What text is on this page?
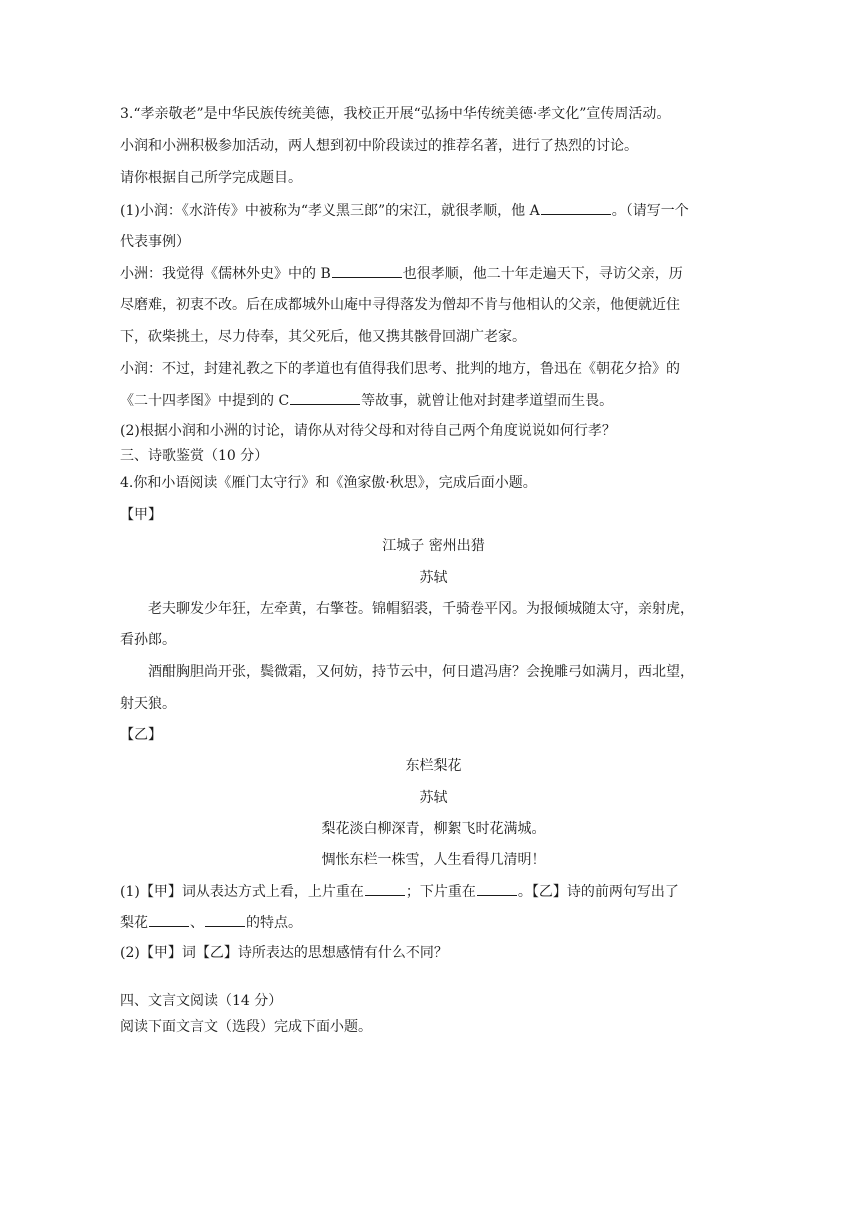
3.“孝亲敬老”是中华民族传统美德，我校正开展“弘扬中华传统美德·孝文化”宣传周活动。
小润和小洲积极参加活动，两人想到初中阶段读过的推荐名著，进行了热烈的讨论。
请你根据自己所学完成题目。
(1)小润：《水浒传》中被称为“孝义黑三郎”的宋江，就很孝顺，他 A	。（请写一个
代表事例）
小洲：我觉得《儒林外史》中的 B	也很孝顺，他二十年走遍天下，寻访父亲，历
尽磨难，初衷不改。后在成都城外山庵中寻得落发为僧却不肯与他相认的父亲，他便就近住
下，砍柴挑土，尽力侍奉，其父死后，他又携其骸骨回湖广老家。
小润：不过，封建礼教之下的孝道也有值得我们思考、批判的地方，鲁迅在《朝花夕拾》的
《二十四孝图》中提到的 C	等故事，就曾让他对封建孝道望而生畏。
(2)根据小润和小洲的讨论，请你从对待父母和对待自己两个角度说说如何行孝？
三、诗歌鉴赏（10 分）
4.你和小语阅读《雁门太守行》和《渔家傲·秋思》，完成后面小题。
【甲】
江城子 密州出猎
苏轼
老夫聊发少年狂，左牵黄，右擎苍。锦帽貂裘，千骑卷平冈。为报倾城随太守，亲射虎，
看孙郎。
酒酣胸胆尚开张，鬓微霜，又何妨，持节云中，何日遣冯唐？会挽雕弓如满月，西北望，
射天狼。
【乙】
东栏梨花
苏轼
梨花淡白柳深青，柳絮飞时花满城。
惆怅东栏一株雪，人生看得几清明！
(1)【甲】词从表达方式上看，上片重在	；下片重在	。【乙】诗的前两句写出了
梨花	、	的特点。
(2)【甲】词【乙】诗所表达的思想感情有什么不同？
四、文言文阅读（14 分）
阅读下面文言文（选段）完成下面小题。
